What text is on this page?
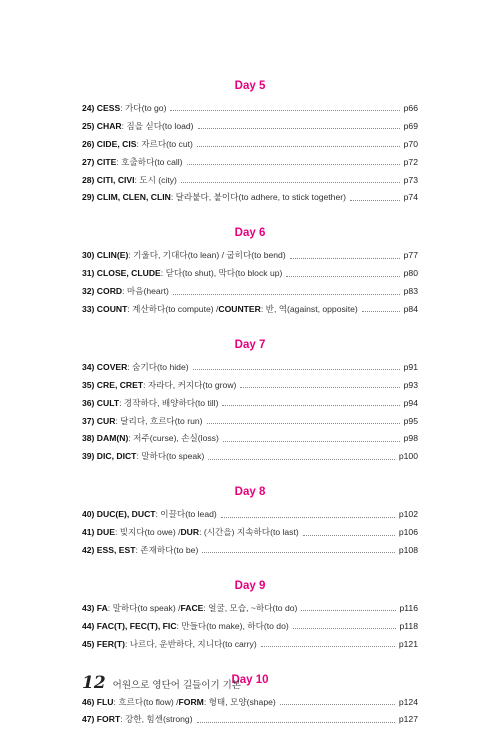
Day 5
24) CESS : 가다(to go)	p66
25) CHAR : 짐을 싣다(to load)	p69
26) CIDE, CIS : 자르다(to cut)	p70
27) CITE : 호출하다(to call)	p72
28) CITI, CIVI : 도시 (city)	p73
29) CLIM, CLEN, CLIN : 달라붙다, 붙이다(to adhere, to stick together)	p74
Day 6
30) CLIN(E) : 기울다, 기대다(to lean) / 굽히다(to bend)	p77
31) CLOSE, CLUDE : 닫다(to shut), 막다(to block up)	p80
32) CORD : 마음(heart)	p83
33) COUNT : 계산하다(to compute) / COUNTER : 반, 역(against, opposite)	p84
Day 7
34) COVER : 숨기다(to hide)	p91
35) CRE, CRET : 자라다, 커지다(to grow)	p93
36) CULT : 경작하다, 배양하다(to till)	p94
37) CUR : 달리다, 흐르다(to run)	p95
38) DAM(N) : 저주(curse), 손실(loss)	p98
39) DIC, DICT : 말하다(to speak)	p100
Day 8
40) DUC(E), DUCT : 이끌다(to lead)	p102
41) DUE : 빚지다(to owe) / DUR : (시간을) 지속하다(to last)	p106
42) ESS, EST : 존재하다(to be)	p108
Day 9
43) FA : 말하다(to speak) / FACE : 얼굴, 모습, ~하다(to do)	p116
44) FAC(T), FEC(T), FIC : 만들다(to make), 하다(to do)	p118
45) FER(T) : 나르다, 운반하다, 지니다(to carry)	p121
Day 10
46) FLU : 흐르다(to flow) / FORM : 형태, 모양(shape)	p124
47) FORT : 강한, 힘센(strong)	p127
12 어원으로 영단어 길들이기 기본
